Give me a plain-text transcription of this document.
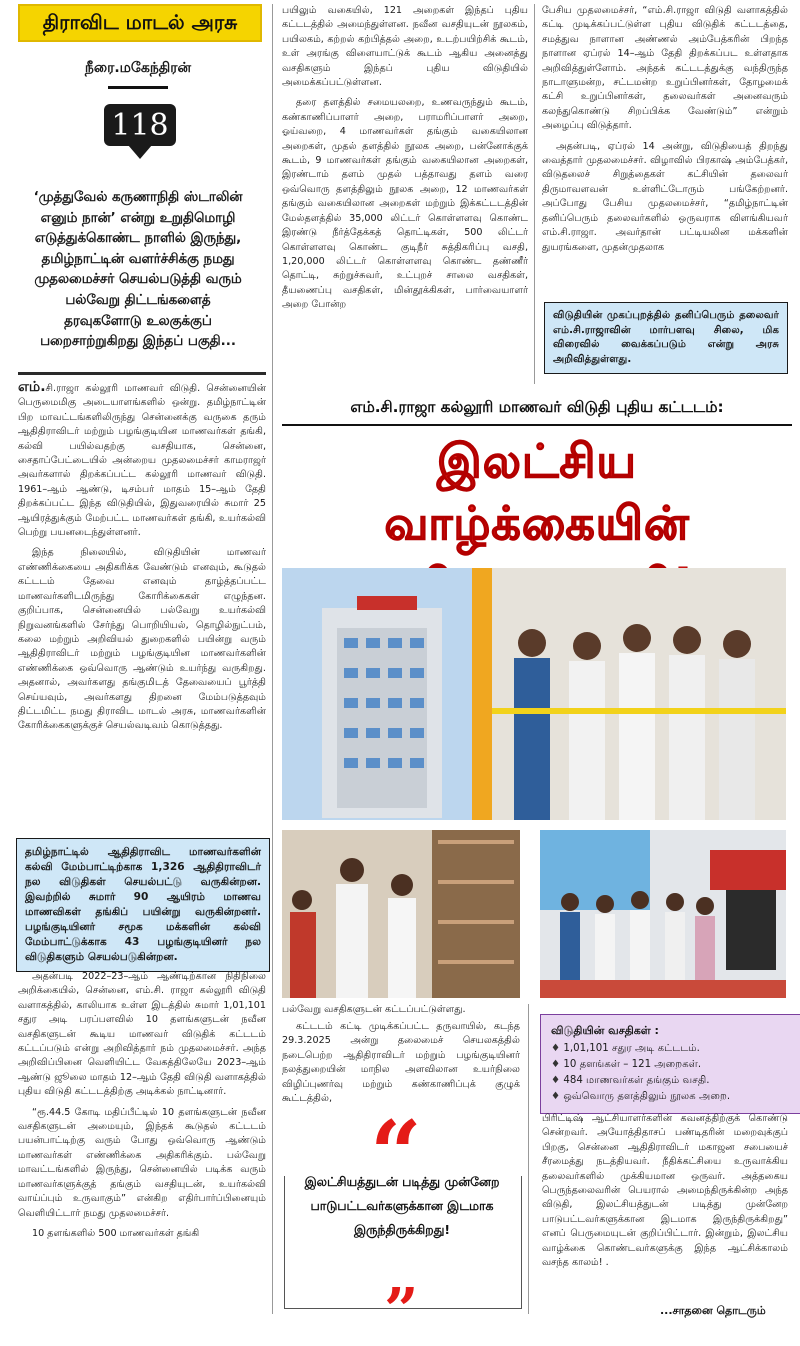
திராவிட மாடல் அரசு
நீரை.மகேந்திரன்
118
‘முத்துவேல் கருணாநிதி ஸ்டாலின் எனும் நான்’ என்று உறுதிமொழி எடுத்துக்கொண்ட நாளில் இருந்து, தமிழ்நாட்டின் வளர்ச்சிக்கு நமது முதலமைச்சர் செயல்படுத்தி வரும் பல்வேறு திட்டங்களைத் தரவுகளோடு உலகுக்குப் பறைசாற்றுகிறது இந்தப் பகுதி...

எம்.சி.ராஜா கல்லூரி மாணவர் விடுதி. சென்னையின் பெருமைமிகு அடையாளங்களில் ஒன்று. தமிழ்நாட்டின் பிற மாவட்டங்களிலிருந்து சென்னைக்கு வருகை தரும் ஆதிதிராவிடர் மற்றும் பழங்குடியின மாணவர்கள் தங்கி, கல்வி பயில்வதற்கு வசதியாக, சென்னை, சைதாப்பேட்டையில் அன்றைய முதலமைச்சர் காமராஜர் அவர்களால் திறக்கப்பட்ட கல்லூரி மாணவர் விடுதி. 1961–ஆம் ஆண்டு, டிசம்பர் மாதம் 15–ஆம் தேதி திறக்கப்பட்ட இந்த விடுதியில், இதுவரையில் சுமார் 25 ஆயிரத்துக்கும் மேற்பட்ட மாணவர்கள் தங்கி, உயர்கல்வி பெற்று பயனடைந்துள்ளனர்.

இந்த நிலையில், விடுதியின் மாணவர் எண்ணிக்கையை அதிகரிக்க வேண்டும் எனவும், கூடுதல் கட்டடம் தேவை எனவும் தாழ்த்தப்பட்ட மாணவர்களிடமிருந்து கோரிக்கைகள் எழுந்தன. குறிப்பாக, சென்னையில் பல்வேறு உயர்கல்வி நிறுவனங்களில் சேர்ந்து பொறியியல், தொழில்நுட்பம், கலை மற்றும் அறிவியல் துறைகளில் பயின்று வரும் ஆதிதிராவிடர் மற்றும் பழங்குடியின மாணவர்களின் எண்ணிக்கை ஒவ்வொரு ஆண்டும் உயர்ந்து வருகிறது. அதனால், அவர்களது தங்குமிடத் தேவையைப் பூர்த்தி செய்யவும், அவர்களது திறனை மேம்படுத்தவும் திட்டமிட்ட நமது திராவிட மாடல் அரசு, மாணவர்களின் கோரிக்கைகளுக்குச் செயல்வடிவம் கொடுத்தது.

தமிழ்நாட்டில் ஆதிதிராவிட மாணவர்களின் கல்வி மேம்பாட்டிற்காக 1,326 ஆதிதிராவிடர் நல விடுதிகள் செயல்பட்டு வருகின்றன. இவற்றில் சுமார் 90 ஆயிரம் மாணவ மாணவிகள் தங்கிப் பயின்று வருகின்றனர். பழங்குடியினர் சமூக மக்களின் கல்வி மேம்பாட்டுக்காக 43 பழங்குடியினர் நல விடுதிகளும் செயல்படுகின்றன.

அதன்படி 2022–23–ஆம் ஆண்டிற்கான நிதிநிலை அறிக்கையில், சென்னை, எம்.சி. ராஜா கல்லூரி விடுதி வளாகத்தில், காலியாக உள்ள இடத்தில் சுமார் 1,01,101 சதுர அடி பரப்பளவில் 10 தளங்களுடன் நவீன வசதிகளுடன் கூடிய மாணவர் விடுதிக் கட்டடம் கட்டப்படும் என்று அறிவித்தார் நம் முதலமைச்சர். அந்த அறிவிப்பினை வெளியிட்ட வேகத்திலேயே 2023–ஆம் ஆண்டு ஜூலை மாதம் 12–ஆம் தேதி விடுதி வளாகத்தில் புதிய விடுதி கட்டடத்திற்கு அடிக்கல் நாட்டினார்.

“ரூ.44.5 கோடி மதிப்பீட்டில் 10 தளங்களுடன் நவீன வசதிகளுடன் அமையும், இந்தக் கூடுதல் கட்டடம் பயன்பாட்டிற்கு வரும் போது ஒவ்வொரு ஆண்டும் மாணவர்கள் எண்ணிக்கை அதிகரிக்கும். பல்வேறு மாவட்டங்களில் இருந்து, சென்னையில் படிக்க வரும் மாணவர்களுக்குத் தங்கும் வசதியுடன், உயர்கல்வி வாய்ப்பும் உருவாகும்” என்கிற எதிர்பார்ப்பினையும் வெளியிட்டார் நமது முதலமைச்சர்.

10 தளங்களில் 500 மாணவர்கள் தங்கி

பயிலும் வகையில், 121 அறைகள் இந்தப் புதிய கட்டடத்தில் அமைந்துள்ளன. நவீன வசதியுடன் நூலகம், பயிலகம், கற்றல் கற்பித்தல் அறை, உடற்பயிற்சிக் கூடம், உள் அரங்கு விளையாட்டுக் கூடம் ஆகிய அனைத்து வசதிகளும் இந்தப் புதிய விடுதியில் அமைக்கப்பட்டுள்ளன.

தரை தளத்தில் சமையலறை, உணவருந்தும் கூடம், கண்காணிப்பாளர் அறை, பராமரிப்பாளர் அறை, ஓய்வறை, 4 மாணவர்கள் தங்கும் வகையிலான அறைகள், முதல் தளத்தில் நூலக அறை, பன்னோக்குக் கூடம், 9 மாணவர்கள் தங்கும் வகையிலான அறைகள், இரண்டாம் தளம் முதல் பத்தாவது தளம் வரை ஒவ்வொரு தளத்திலும் நூலக அறை, 12 மாணவர்கள் தங்கும் வகையிலான அறைகள் மற்றும் இக்கட்டடத்தின் மேல்தளத்தில் 35,000 லிட்டர் கொள்ளளவு கொண்ட இரண்டு நீர்த்தேக்கத் தொட்டிகள், 500 லிட்டர் கொள்ளளவு கொண்ட குடிநீர் சுத்திகரிப்பு வசதி, 1,20,000 லிட்டர் கொள்ளளவு கொண்ட தண்ணீர் தொட்டி, சுற்றுச்சுவர், உட்புறச் சாலை வசதிகள், தீயணைப்பு வசதிகள், மின்தூக்கிகள், பார்வையாளர் அறை போன்ற

பேசிய முதலமைச்சர், “எம்.சி.ராஜா விடுதி வளாகத்தில் கட்டி முடிக்கப்பட்டுள்ள புதிய விடுதிக் கட்டடத்தை, சமத்துவ நாளான அண்ணல் அம்பேத்கரின் பிறந்த நாளான ஏப்ரல் 14–ஆம் தேதி திறக்கப்பட உள்ளதாக அறிவித்துள்ளோம். அந்தக் கட்டடத்துக்கு வந்திருந்த நாடாளுமன்ற, சட்டமன்ற உறுப்பினர்கள், தோழமைக் கட்சி உறுப்பினர்கள், தலைவர்கள் அனைவரும் கலந்துகொண்டு சிறப்பிக்க வேண்டும்” என்றும் அழைப்பு விடுத்தார்.

அதன்படி, ஏப்ரல் 14 அன்று, விடுதியைத் திறந்து வைத்தார் முதலமைச்சர். விழாவில் பிரகாஷ் அம்பேத்கர், விடுதலைச் சிறுத்தைகள் கட்சியின் தலைவர் திருமாவளவன் உள்ளிட்டோரும் பங்கேற்றனர். அப்போது பேசிய முதலமைச்சர், “தமிழ்நாட்டின் தனிப்பெரும் தலைவர்களில் ஒருவராக விளங்கியவர் எம்.சி.ராஜா. அவர்தான் பட்டியலின மக்களின் துயரங்களை, முதன்முதலாக

விடுதியின் முகப்புறத்தில் தனிப்பெரும் தலைவர் எம்.சி.ராஜாவின் மார்பளவு சிலை, மிக விரைவில் வைக்கப்படும் என்று அரசு அறிவித்துள்ளது.
எம்.சி.ராஜா கல்லூரி மாணவர் விடுதி புதிய கட்டடம்:
இலட்சிய வாழ்க்கையின்
பல்வேறு வசதிகளுடன் கட்டப்பட்டுள்ளது.

கட்டடம் கட்டி முடிக்கப்பட்ட தருவாயில், கடந்த 29.3.2025 அன்று தலைமைச் செயலகத்தில் நடைபெற்ற ஆதிதிராவிடர் மற்றும் பழங்குடியினர் நலத்துறையின் மாநில அளவிலான உயர்நிலை விழிப்புணர்வு மற்றும் கண்காணிப்புக் குழுக் கூட்டத்தில்,

“
இலட்சியத்துடன் படித்து முன்னேற பாடுபட்டவர்களுக்கான இடமாக இருந்திருக்கிறது!
”
விடுதியின் வசதிகள் :
♦ 1,01,101 சதுர அடி கட்டடம்.
♦ 10 தளங்கள் – 121 அறைகள்.
♦ 484 மாணவர்கள் தங்கும் வசதி.
♦ ஒவ்வொரு தளத்திலும் நூலக அறை.

பிரிட்டிஷ் ஆட்சியாளர்களின் கவனத்திற்குக் கொண்டு சென்றவர். அயோத்திதாசப் பண்டிதரின் மறைவுக்குப் பிறகு, சென்னை ஆதிதிராவிடர் மகாஜன சபையைச் சீரமைத்து நடத்தியவர். நீதிக்கட்சியை உருவாக்கிய தலைவர்களில் முக்கியமான ஒருவர். அத்தகைய பெருந்தலைவரின் பெயரால் அமைந்திருக்கின்ற அந்த விடுதி, இலட்சியத்துடன் படித்து முன்னேற பாடுபட்டவர்களுக்கான இடமாக இருந்திருக்கிறது” எனப் பெருமையுடன் குறிப்பிட்டார். இன்றும், இலட்சிய வாழ்க்கை கொண்டவர்களுக்கு இந்த ஆட்சிக்காலம் வசந்த காலம்! .

...சாதனை தொடரும்
